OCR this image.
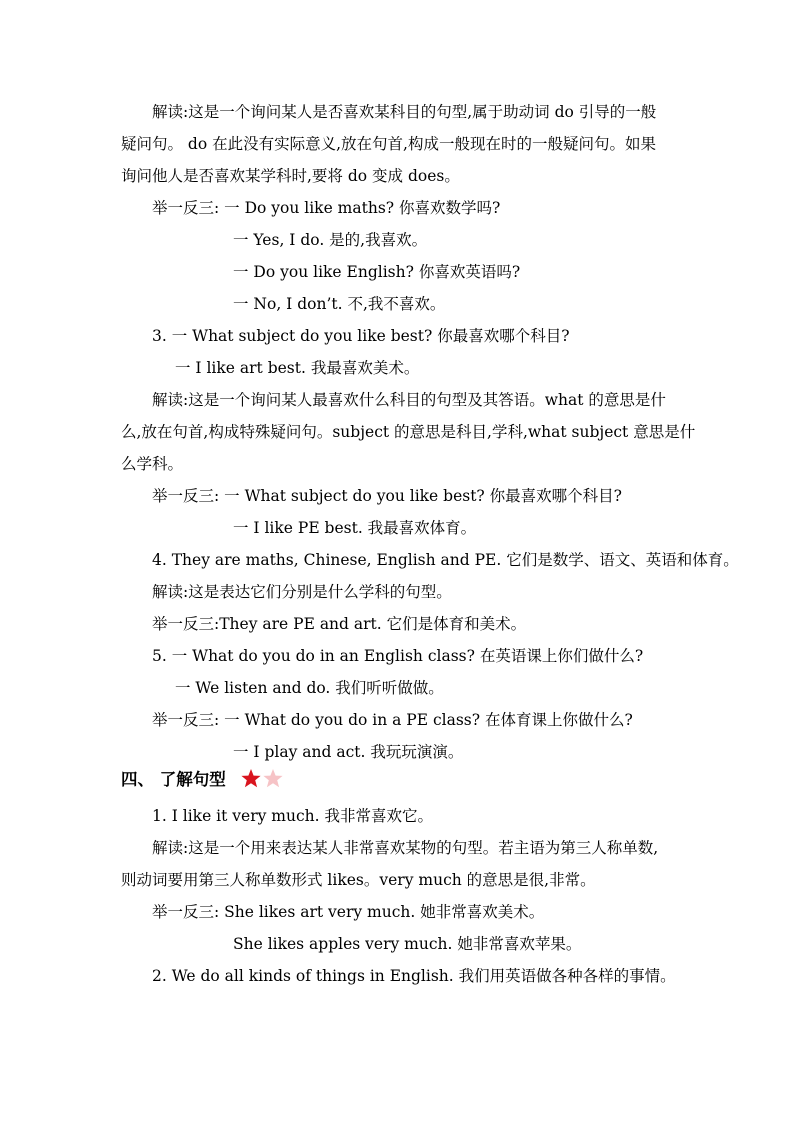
解读:这是一个询问某人是否喜欢某科目的句型,属于助动词 do 引导的一般

疑问句。 do 在此没有实际意义,放在句首,构成一般现在时的一般疑问句。如果

询问他人是否喜欢某学科时,要将 do 变成 does。

举一反三: 一 Do you like maths? 你喜欢数学吗?

一 Yes, I do. 是的,我喜欢。

一 Do you like English? 你喜欢英语吗?

一 No, I don’t. 不,我不喜欢。

3. 一 What subject do you like best? 你最喜欢哪个科目?

一 I like art best. 我最喜欢美术。

解读:这是一个询问某人最喜欢什么科目的句型及其答语。what 的意思是什

么,放在句首,构成特殊疑问句。subject 的意思是科目,学科,what subject 意思是什

么学科。

举一反三: 一 What subject do you like best? 你最喜欢哪个科目?

一 I like PE best. 我最喜欢体育。

4. They are maths, Chinese, English and PE. 它们是数学、语文、英语和体育。

解读:这是表达它们分别是什么学科的句型。

举一反三:They are PE and art. 它们是体育和美术。

5. 一 What do you do in an English class? 在英语课上你们做什么?

一 We listen and do. 我们听听做做。

举一反三: 一 What do you do in a PE class? 在体育课上你做什么?

一 I play and act. 我玩玩演演。

四、 了解句型

1. I like it very much. 我非常喜欢它。

解读:这是一个用来表达某人非常喜欢某物的句型。若主语为第三人称单数,

则动词要用第三人称单数形式 likes。very much 的意思是很,非常。

举一反三: She likes art very much. 她非常喜欢美术。

She likes apples very much. 她非常喜欢苹果。

2. We do all kinds of things in English. 我们用英语做各种各样的事情。
